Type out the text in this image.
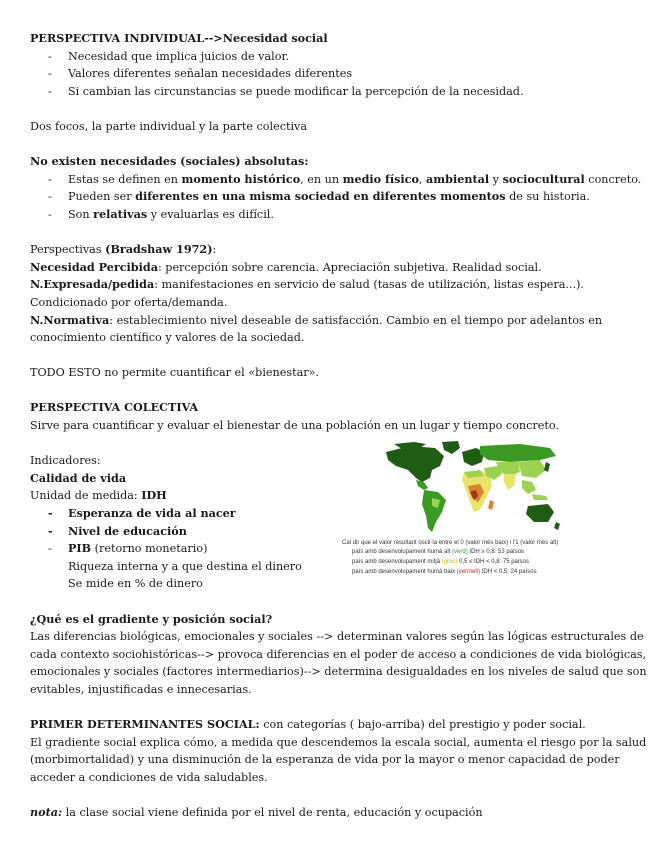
PERSPECTIVA INDIVIDUAL-->Necesidad social
- Necesidad que implica juicios de valor.
- Valores diferentes señalan necesidades diferentes
- Si cambian las circunstancias se puede modificar la percepción de la necesidad.
Dos focos, la parte individual y la parte colectiva
No existen necesidades (sociales) absolutas:
- Estas se definen en momento histórico, en un medio físico, ambiental y sociocultural concreto.
- Pueden ser diferentes en una misma sociedad en diferentes momentos de su historia.
- Son relativas y evaluarlas es difícil.
Perspectivas (Bradshaw 1972):
Necesidad Percibida: percepción sobre carencia. Apreciación subjetiva. Realidad social.
N.Expresada/pedida: manifestaciones en servicio de salud (tasas de utilización, listas espera...).
Condicionado por oferta/demanda.
N.Normativa: establecimiento nivel deseable de satisfacción. Cambio en el tiempo por adelantos en
conocimiento científico y valores de la sociedad.
TODO ESTO no permite cuantificar el «bienestar».
PERSPECTIVA COLECTIVA
Sirve para cuantificar y evaluar el bienestar de una población en un lugar y tiempo concreto.
Indicadores:
Calidad de vida
Unidad de medida: IDH
- Esperanza de vida al nacer
- Nivel de educación
- PIB (retorno monetario)
Riqueza interna y a que destina el dinero
Se mide en % de dinero
¿Qué es el gradiente y posición social?
Las diferencias biológicas, emocionales y sociales --> determinan valores según las lógicas estructurales de
cada contexto sociohistóricas--> provoca diferencias en el poder de acceso a condiciones de vida biológicas,
emocionales y sociales (factores intermediarios)--> determina desigualdades en los niveles de salud que son
evitables, injustificadas e innecesarias.
PRIMER DETERMINANTES SOCIAL: con categorías ( bajo-arriba) del prestigio y poder social.
El gradiente social explica cómo, a medida que descendemos la escala social, aumenta el riesgo por la salud
(morbimortalidad) y una disminución de la esperanza de vida por la mayor o menor capacidad de poder
acceder a condiciones de vida saludables.
nota: la clase social viene definida por el nivel de renta, educación y ocupación
Cal dir que el valor resultant oscil·la entre el 0 (valor més baix) i l'1 (valor més alt)
país amb desenvolupament humà alt (verd) IDH ≥ 0,8: 53 països
país amb desenvolupament mitjà (groc) 0,5 ≤ IDH < 0,8: 75 països
país amb desenvolupament humà baix (vermell) IDH < 0,5: 24 països
